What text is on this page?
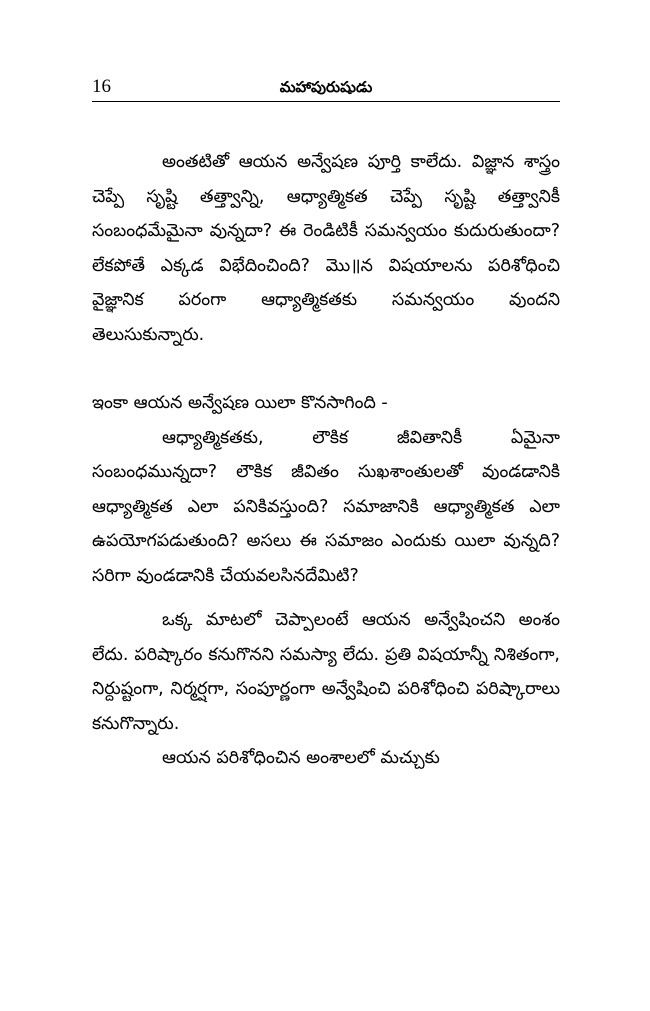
16	మహాపురుషుడు

అంతటితో ఆయన అన్వేషణ పూర్తి కాలేదు. విజ్ఞాన శాస్త్రం చెప్పే సృష్టి తత్త్వాన్ని, ఆధ్యాత్మికత చెప్పే సృష్టి తత్త్వానికీ సంబంధమేమైనా వున్నదా? ఈ రెండిటికీ సమన్వయం కుదురుతుందా? లేకపోతే ఎక్కడ విభేదించింది? మొ॥న విషయాలను పరిశోధించి వైజ్ఞానిక పరంగా ఆధ్యాత్మికతకు సమన్వయం వుందని తెలుసుకున్నారు.

ఇంకా ఆయన అన్వేషణ యిలా కొనసాగింది -

ఆధ్యాత్మికతకు, లౌకిక జీవితానికీ ఏమైనా సంబంధమున్నదా? లౌకిక జీవితం సుఖశాంతులతో వుండడానికి ఆధ్యాత్మికత ఎలా పనికివస్తుంది? సమాజానికి ఆధ్యాత్మికత ఎలా ఉపయోగపడుతుంది? అసలు ఈ సమాజం ఎందుకు యిలా వున్నది? సరిగా వుండడానికి చేయవలసినదేమిటి?

ఒక్క మాటలో చెప్పాలంటే ఆయన అన్వేషించని అంశం లేదు. పరిష్కారం కనుగొనని సమస్యా లేదు. ప్రతి విషయాన్నీ నిశితంగా, నిర్దుష్టంగా, నిర్మర్షగా, సంపూర్ణంగా అన్వేషించి పరిశోధించి పరిష్కారాలు కనుగొన్నారు.

ఆయన పరిశోధించిన అంశాలలో మచ్చుకు
